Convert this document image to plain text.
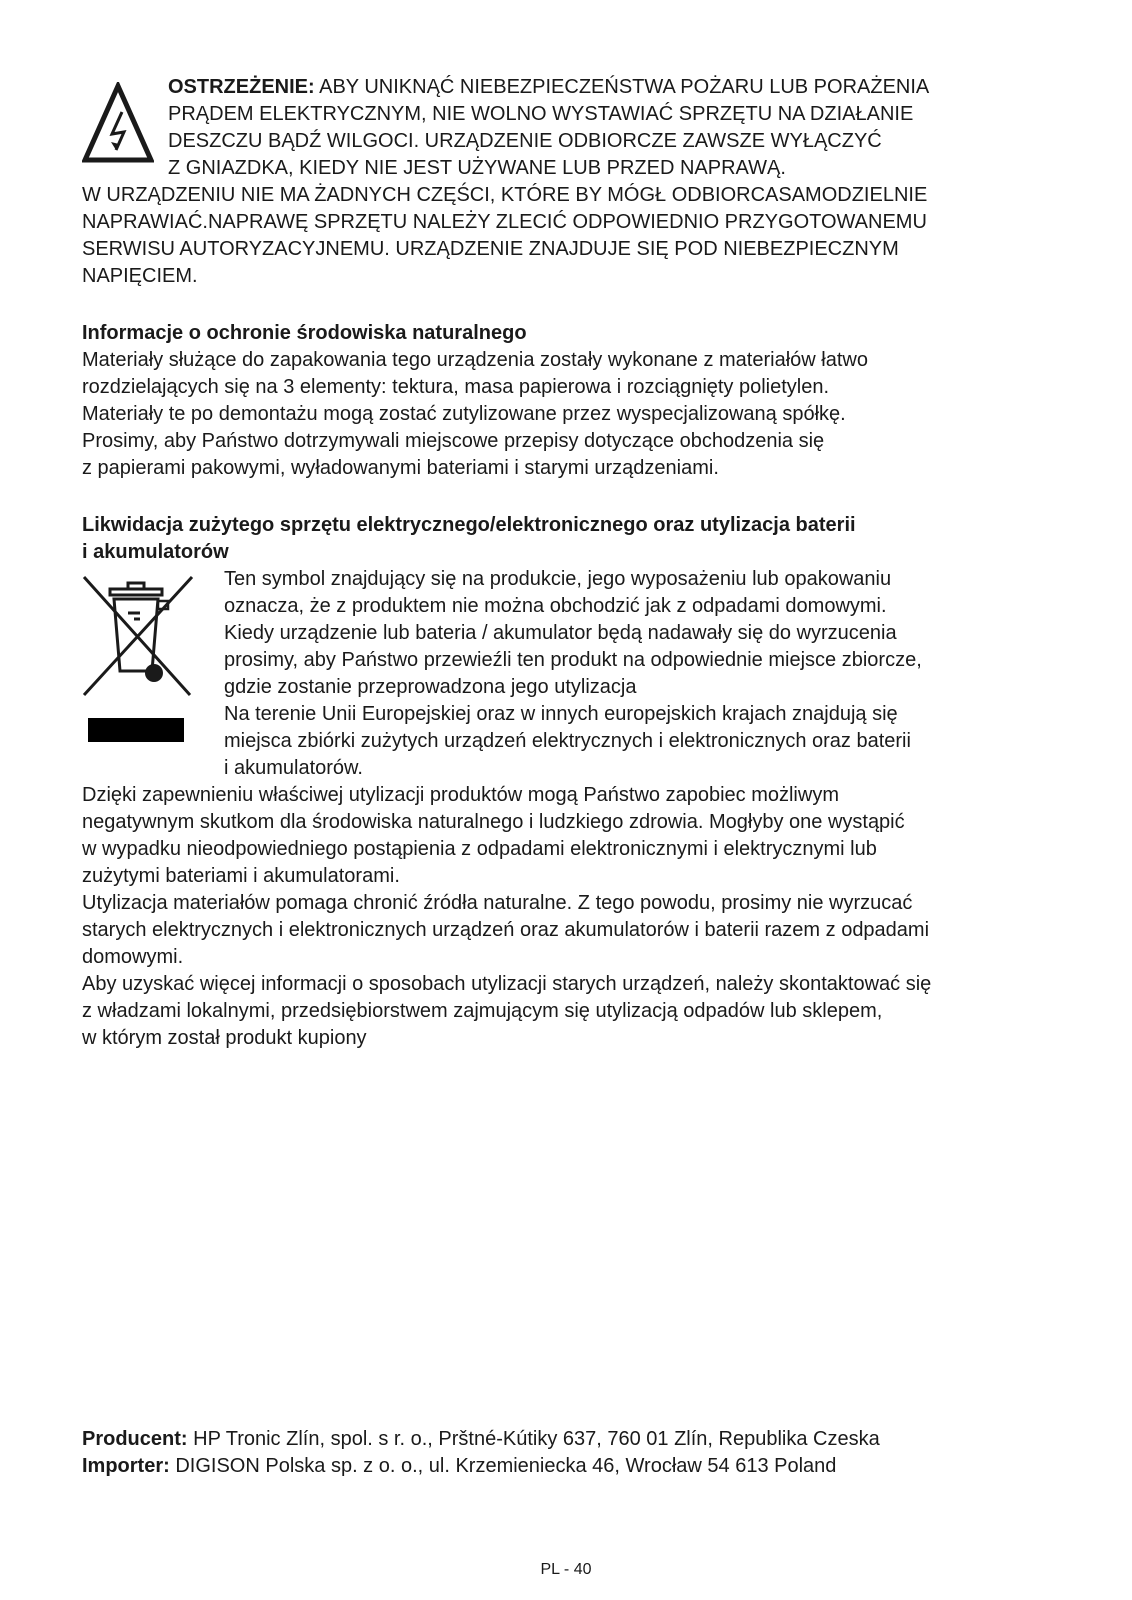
OSTRZEŻENIE: ABY UNIKNĄĆ NIEBEZPIECZEŃSTWA POŻARU LUB PORAŻENIA
PRĄDEM ELEKTRYCZNYM, NIE WOLNO WYSTAWIAĆ SPRZĘTU NA DZIAŁANIE
DESZCZU BĄDŹ WILGOCI. URZĄDZENIE ODBIORCZE ZAWSZE WYŁĄCZYĆ
Z GNIAZDKA, KIEDY NIE JEST UŻYWANE LUB PRZED NAPRAWĄ.
W URZĄDZENIU NIE MA ŻADNYCH CZĘŚCI, KTÓRE BY MÓGŁ ODBIORCASAMODZIELNIE
NAPRAWIAĆ.NAPRAWĘ SPRZĘTU NALEŻY ZLECIĆ ODPOWIEDNIO PRZYGOTOWANEMU
SERWISU AUTORYZACYJNEMU. URZĄDZENIE ZNAJDUJE SIĘ POD NIEBEZPIECZNYM
NAPIĘCIEM.
Informacje o ochronie środowiska naturalnego
Materiały służące do zapakowania tego urządzenia zostały wykonane z materiałów łatwo
rozdzielających się na 3 elementy: tektura, masa papierowa i rozciągnięty polietylen.
Materiały te po demontażu mogą zostać zutylizowane przez wyspecjalizowaną spółkę.
Prosimy, aby Państwo dotrzymywali miejscowe przepisy dotyczące obchodzenia się
z papierami pakowymi, wyładowanymi bateriami i starymi urządzeniami.
Likwidacja zużytego sprzętu elektrycznego/elektronicznego oraz utylizacja baterii
i akumulatorów
Ten symbol znajdujący się na produkcie, jego wyposażeniu lub opakowaniu
oznacza, że z produktem nie można obchodzić jak z odpadami domowymi.
Kiedy urządzenie lub bateria / akumulator będą nadawały się do wyrzucenia
prosimy, aby Państwo przewieźli ten produkt na odpowiednie miejsce zbiorcze,
gdzie zostanie przeprowadzona jego utylizacja
Na terenie Unii Europejskiej oraz w innych europejskich krajach znajdują się
miejsca zbiórki zużytych urządzeń elektrycznych i elektronicznych oraz baterii
i akumulatorów.
Dzięki zapewnieniu właściwej utylizacji produktów mogą Państwo zapobiec możliwym
negatywnym skutkom dla środowiska naturalnego i ludzkiego zdrowia. Mogłyby one wystąpić
w wypadku nieodpowiedniego postąpienia z odpadami elektronicznymi i elektrycznymi lub
zużytymi bateriami i akumulatorami.
Utylizacja materiałów pomaga chronić źródła naturalne. Z tego powodu, prosimy nie wyrzucać
starych elektrycznych i elektronicznych urządzeń oraz akumulatorów i baterii razem z odpadami
domowymi.
Aby uzyskać więcej informacji o sposobach utylizacji starych urządzeń, należy skontaktować się
z władzami lokalnymi, przedsiębiorstwem zajmującym się utylizacją odpadów lub sklepem,
w którym został produkt kupiony
Producent: HP Tronic Zlín, spol. s r. o., Prštné-Kútiky 637, 760 01 Zlín, Republika Czeska
Importer: DIGISON Polska sp. z o. o., ul. Krzemieniecka 46, Wrocław 54 613 Poland
PL - 40
